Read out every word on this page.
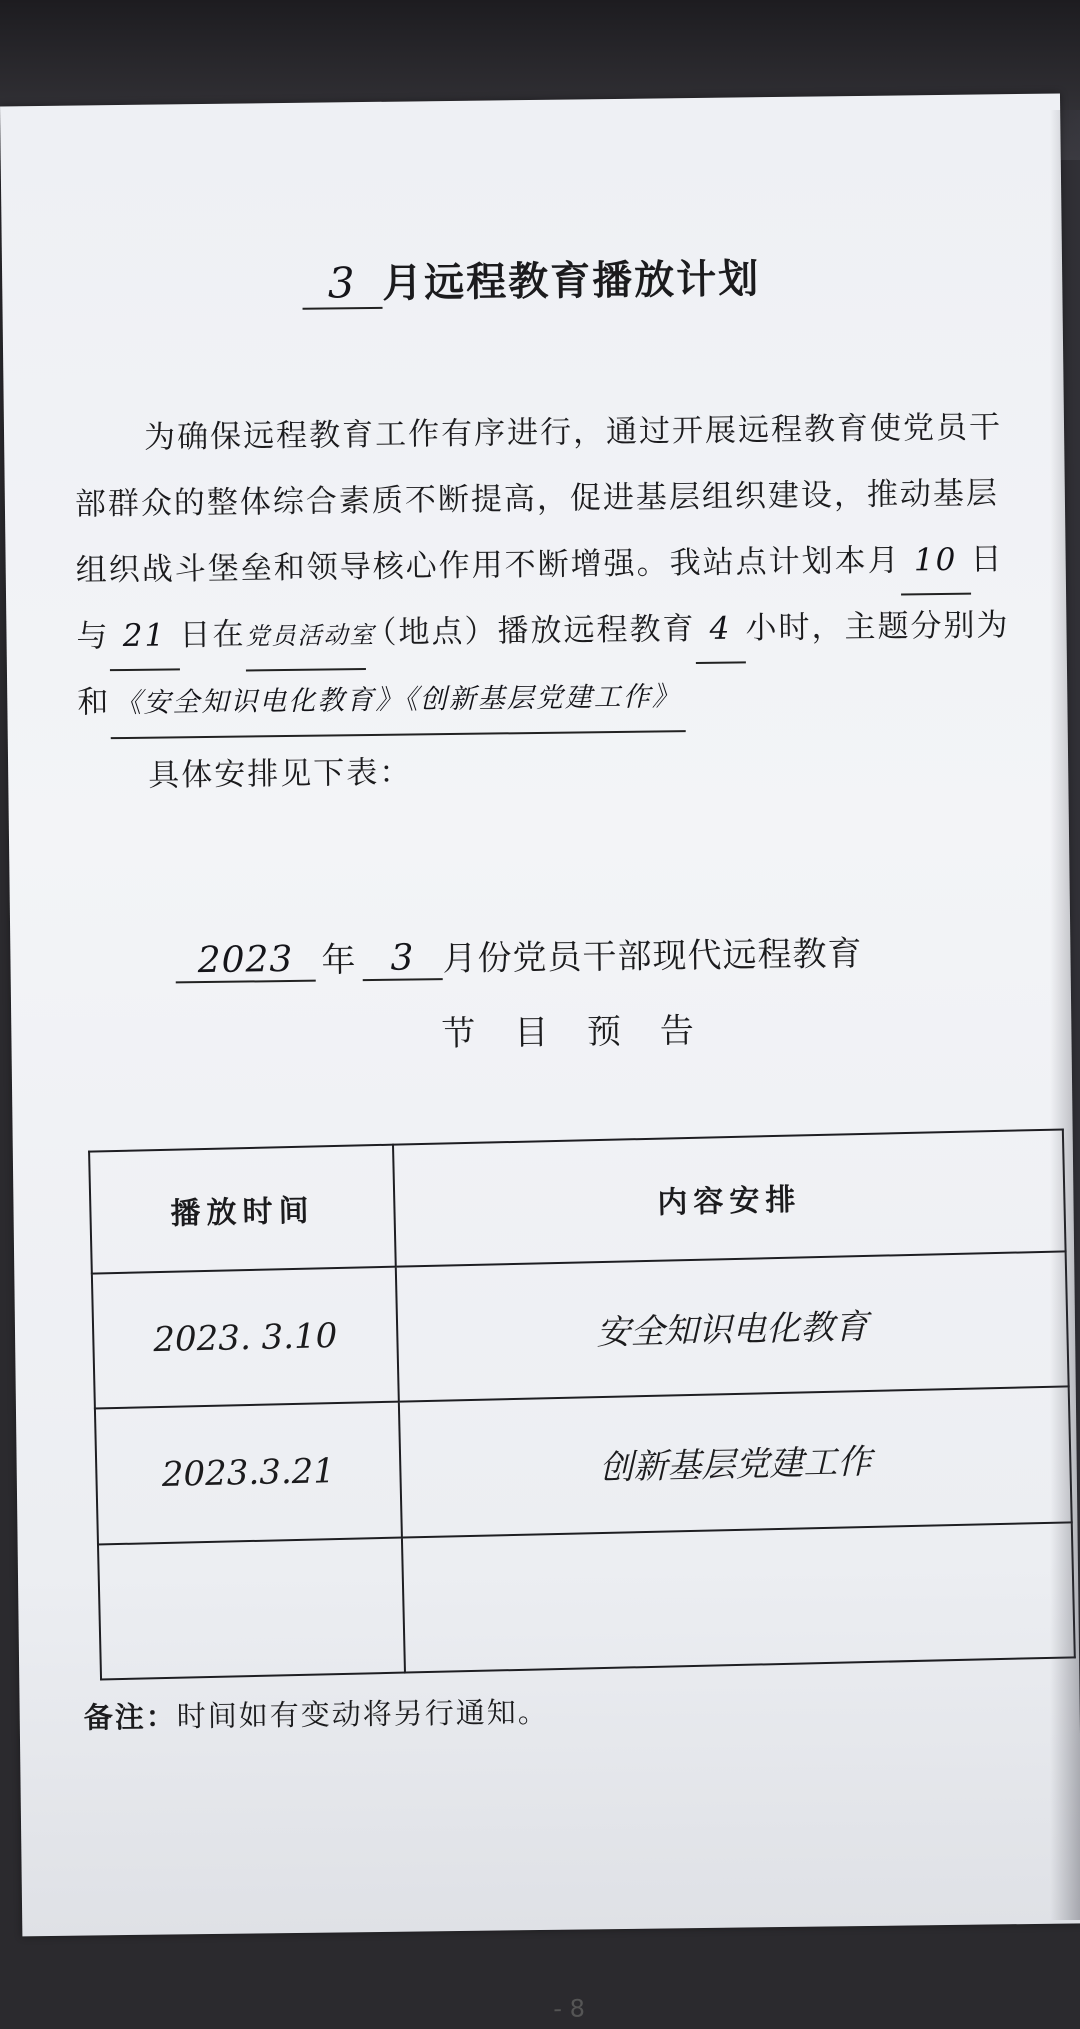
3 月远程教育播放计划
为确保远程教育工作有序进行，通过开展远程教育使党员干
部群众的整体综合素质不断提高，促进基层组织建设，推动基层
组织战斗堡垒和领导核心作用不断增强。我站点计划本月 10 日
与 21 日在党员活动室（地点）播放远程教育 4 小时，主题分别为
和 《安全知识电化教育》《创新基层党建工作》
具体安排见下表：
2023 年 3 月份党员干部现代远程教育
节 目 预 告
播放时间	内容安排
2023. 3.10	安全知识电化教育
2023.3.21	创新基层党建工作

备注：时间如有变动将另行通知。
- 8
